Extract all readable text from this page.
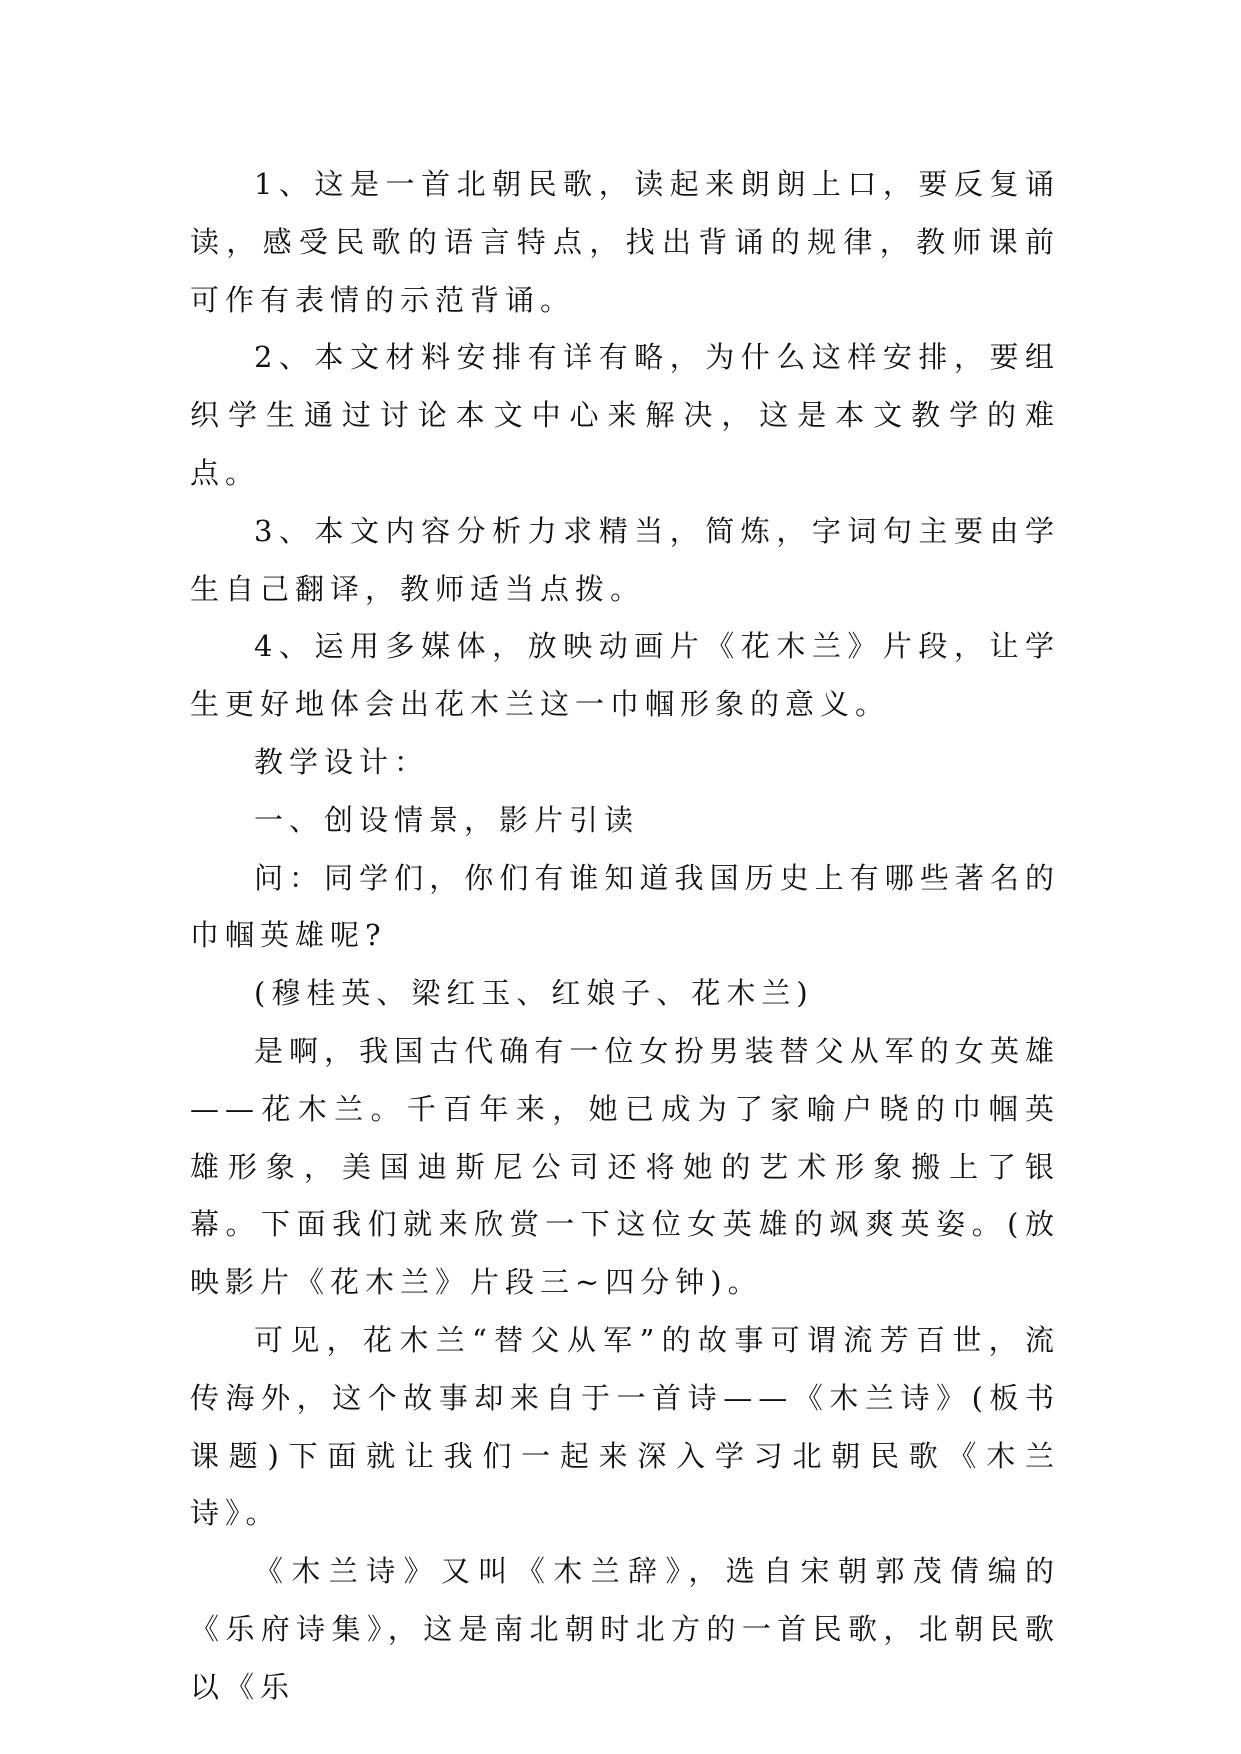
1、这是一首北朝民歌，读起来朗朗上口，要反复诵读，感受民歌的语言特点，找出背诵的规律，教师课前可作有表情的示范背诵。

2、本文材料安排有详有略，为什么这样安排，要组织学生通过讨论本文中心来解决，这是本文教学的难点。

3、本文内容分析力求精当，简炼，字词句主要由学生自己翻译，教师适当点拨。

4、运用多媒体，放映动画片《花木兰》片段，让学生更好地体会出花木兰这一巾帼形象的意义。

教学设计：

一、创设情景，影片引读

问：同学们，你们有谁知道我国历史上有哪些著名的巾帼英雄呢?

(穆桂英、梁红玉、红娘子、花木兰)

是啊，我国古代确有一位女扮男装替父从军的女英雄——花木兰。千百年来，她已成为了家喻户晓的巾帼英雄形象，美国迪斯尼公司还将她的艺术形象搬上了银幕。下面我们就来欣赏一下这位女英雄的飒爽英姿。(放映影片《花木兰》片段三~四分钟)。

可见，花木兰“替父从军”的故事可谓流芳百世，流传海外，这个故事却来自于一首诗——《木兰诗》(板书课题)下面就让我们一起来深入学习北朝民歌《木兰诗》。

《木兰诗》又叫《木兰辞》，选自宋朝郭茂倩编的《乐府诗集》，这是南北朝时北方的一首民歌，北朝民歌以《乐
